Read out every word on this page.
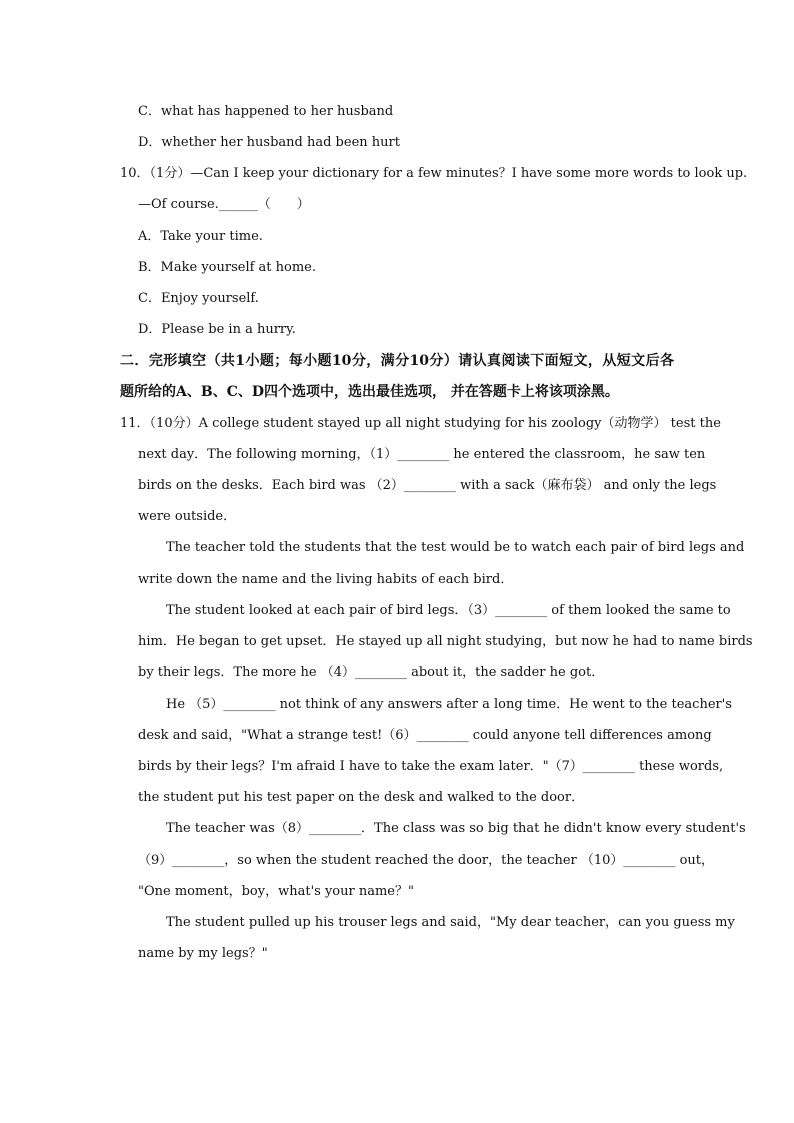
C．what has happened to her husband
D．whether her husband had been hurt
10．（1分）—Can I keep your dictionary for a few minutes？I have some more words to look up.
—Of course.______（　　）
A．Take your time.
B．Make yourself at home.
C．Enjoy yourself.
D．Please be in a hurry.
二．完形填空（共1小题；每小题10分，满分10分）请认真阅读下面短文，从短文后各
题所给的A、B、C、D四个选项中，选出最佳选项， 并在答题卡上将该项涂黑。
11．（10分）A college student stayed up all night studying for his zoology（动物学） test the
next day．The following morning，（1）________ he entered the classroom，he saw ten
birds on the desks．Each bird was （2）________ with a sack（麻布袋） and only the legs
were outside．
The teacher told the students that the test would be to watch each pair of bird legs and
write down the name and the living habits of each bird．
The student looked at each pair of bird legs．（3）________ of them looked the same to
him．He began to get upset．He stayed up all night studying，but now he had to name birds
by their legs．The more he （4）________ about it，the sadder he got．
He （5）________ not think of any answers after a long time．He went to the teacher's
desk and said，"What a strange test!（6）________ could anyone tell differences among
birds by their legs？I'm afraid I have to take the exam later．"（7）________ these words,
the student put his test paper on the desk and walked to the door．
The teacher was（8）________．The class was so big that he didn't know every student's
（9）________，so when the student reached the door，the teacher （10）________ out，
"One moment，boy，what's your name？"
The student pulled up his trouser legs and said，"My dear teacher，can you guess my
name by my legs？"
